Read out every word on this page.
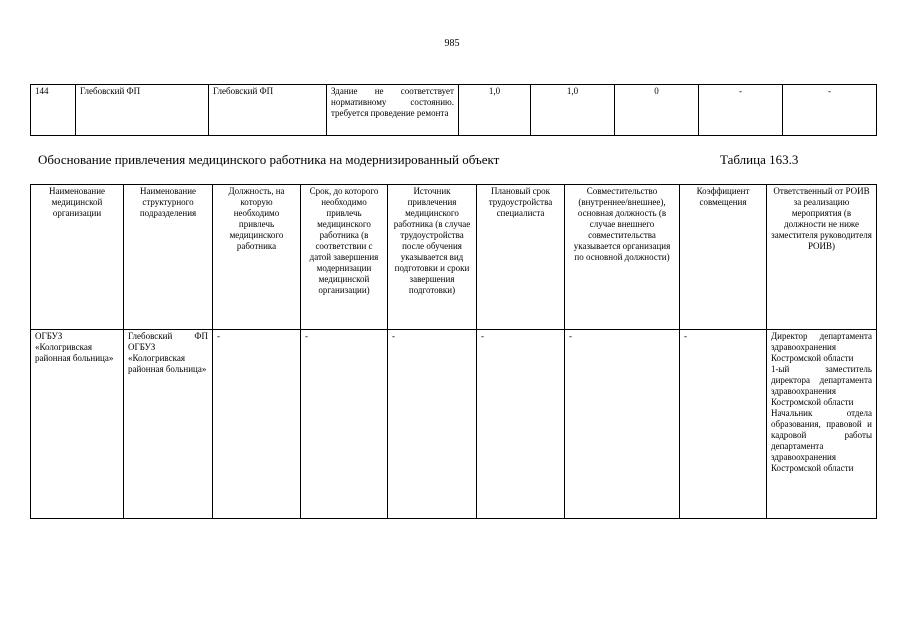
985
144	Глебовский ФП	Глебовский ФП	Здание не соответствует нормативному состоянию. требуется проведение ремонта	1,0	1,0	0	-	-
Обоснование привлечения медицинского работника на модернизированный объект	Таблица 163.3
Наименование медицинской организации	Наименование структурного подразделения	Должность, на которую необходимо привлечь медицинского работника	Срок, до которого необходимо привлечь медицинского работника (в соответствии с датой завершения модернизации медицинской организации)	Источник привлечения медицинского работника (в случае трудоустройства после обучения указывается вид подготовки и сроки завершения подготовки)	Плановый срок трудоустройства специалиста	Совместительство (внутреннее/внешнее), основная должность (в случае внешнего совместительства указывается организация по основной должности)	Коэффициент совмещения	Ответственный от РОИВ за реализацию мероприятия (в должности не ниже заместителя руководителя РОИВ)
ОГБУЗ «Кологривская районная больница»	Глебовский ФП ОГБУЗ «Кологривская районная больница»	-	-	-	-	-	-	Директор департамента здравоохранения Костромской области
1-ый заместитель директора департамента здравоохранения Костромской области
Начальник отдела образования, правовой и кадровой работы департамента здравоохранения Костромской области
